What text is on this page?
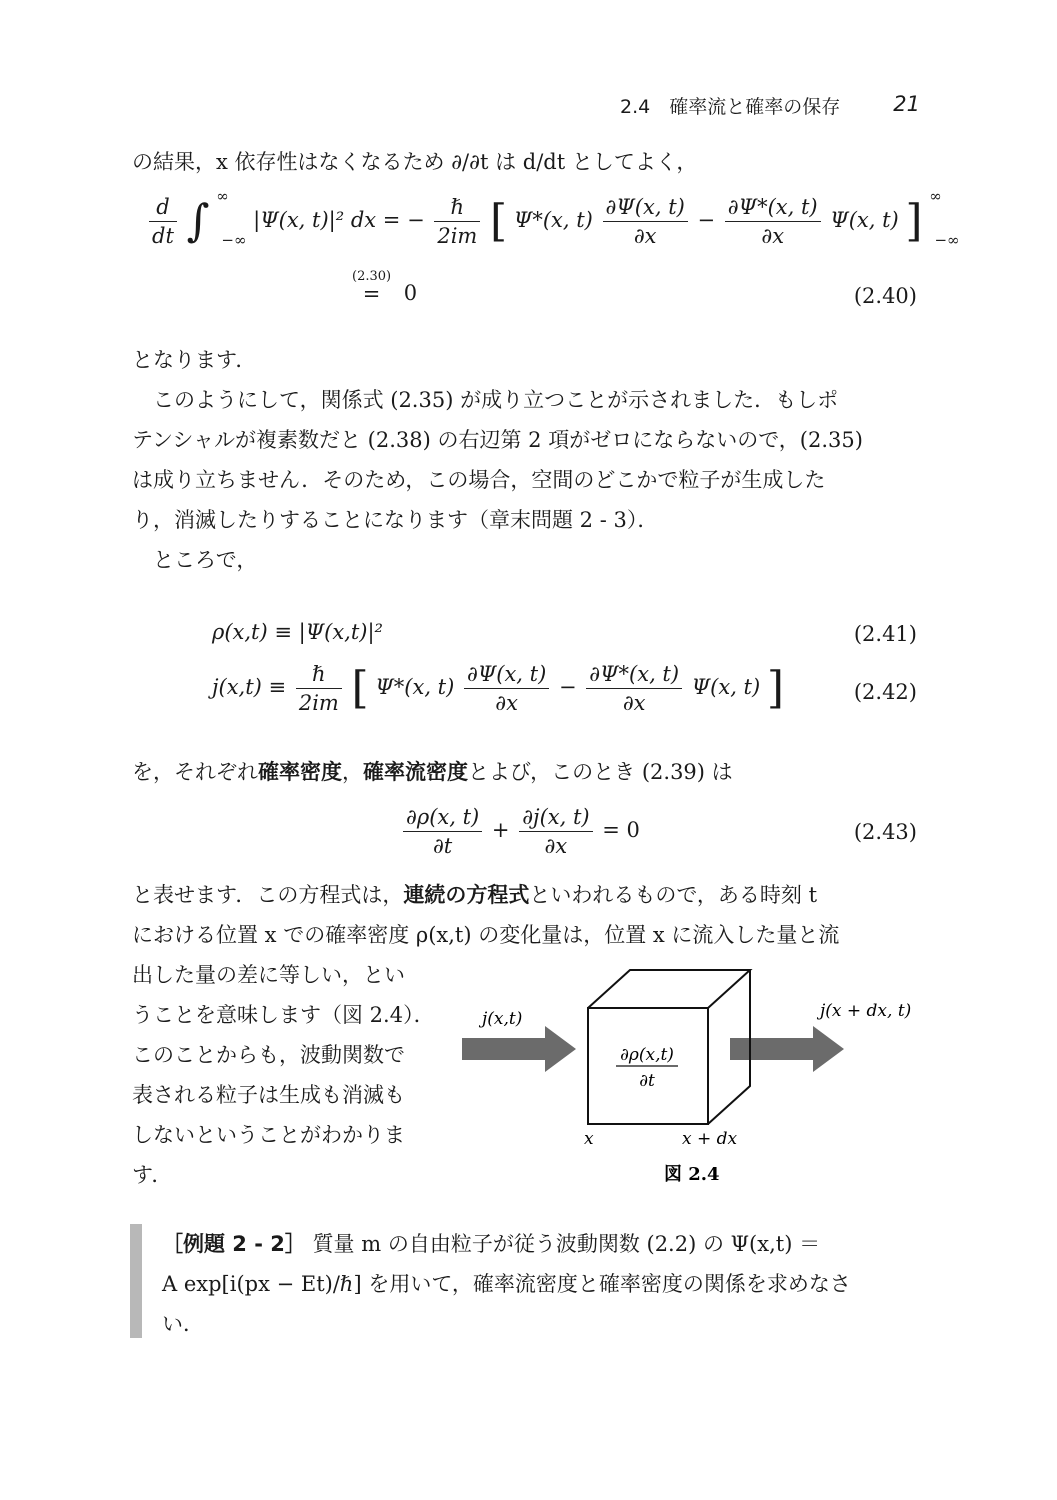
2.4　確率流と確率の保存	21
の結果，x 依存性はなくなるため ∂/∂t は d/dt としてよく，
$\frac{d}{dt}$ ∫ ∞ $_{-\infty}$ |Ψ(x, t)|² dx = − $\frac{\text{ℏ}}{2im}$ [ Ψ*(x, $t) \frac{\partial\Psi(x, t)}{\partial x} - \frac{\partial\Psi*(x, t)}{\partial x} \Psi(x$, t) ] ∞ $_{-\infty}$
(2.30)
=	0	(2.40)
となります．
このようにして，関係式 (2.35) が成り立つことが示されました．もしポ
テンシャルが複素数だと (2.38) の右辺第 2 項がゼロにならないので，(2.35)
は成り立ちません．そのため，この場合，空間のどこかで粒子が生成した
り，消滅したりすることになります（章末問題 2 - 3）．
ところで，
ρ(x,t) ≡ |Ψ(x,t)|²	(2.41)
$j(x,t) \equiv \frac{\text{ℏ}}{2im}$ [ Ψ*(x, $t) \frac{\partial\Psi(x, t)}{\partial x} - \frac{\partial\Psi*(x, t)}{\partial x} \Psi(x$, t) ]	(2.42)
を，それぞれ確率密度，確率流密度とよび，このとき (2.39) は
$\frac{\partial\rho(x, t)}{\partial t} + \frac{\partial j(x, t)}{\partial x} = 0$	(2.43)
と表せます．この方程式は，連続の方程式といわれるもので，ある時刻 t
における位置 x での確率密度 ρ(x,t) の変化量は，位置 x に流入した量と流
出した量の差に等しい，とい
うことを意味します（図 2.4）．
このことからも，波動関数で
表される粒子は生成も消滅も
しないということがわかりま
す．
∂ρ(x,t)
∂t
j(x,t)	j(x + dx, t)
x	x + dx
図 2.4
［例題 2 - 2］ 質量 m の自由粒子が従う波動関数 (2.2) の Ψ(x,t) ＝
A exp[i(px − Et)/ℏ] を用いて，確率流密度と確率密度の関係を求めなさ
い．
